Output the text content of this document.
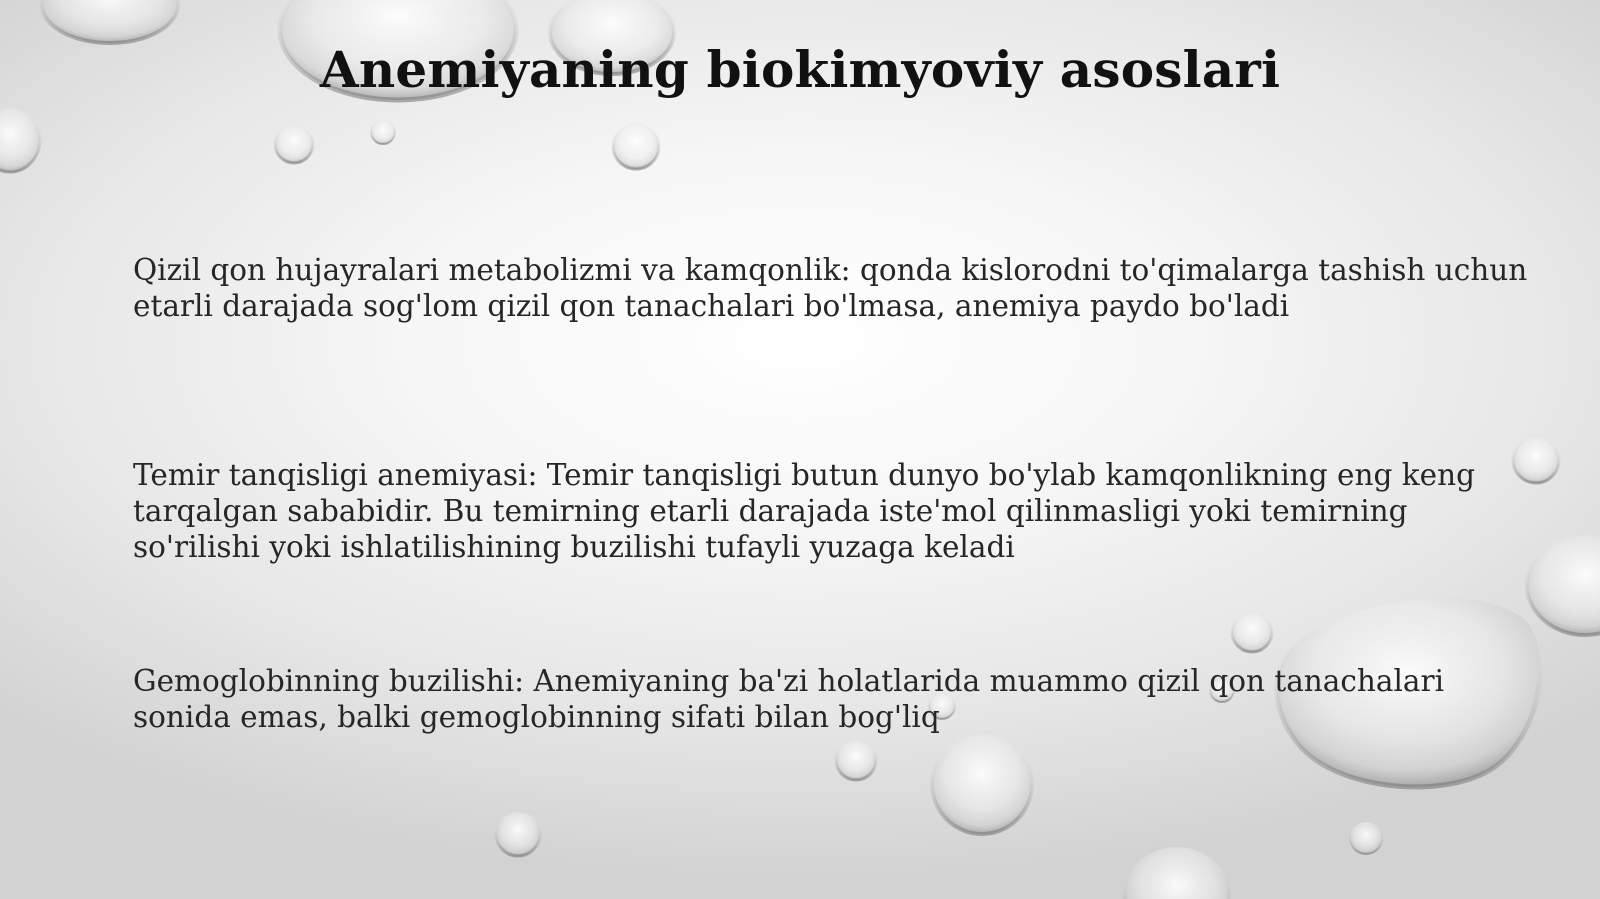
Anemiyaning biokimyoviy asoslari

Qizil qon hujayralari metabolizmi va kamqonlik: qonda kislorodni to'qimalarga tashish uchun etarli darajada sog'lom qizil qon tanachalari bo'lmasa, anemiya paydo bo'ladi

Temir tanqisligi anemiyasi: Temir tanqisligi butun dunyo bo'ylab kamqonlikning eng keng tarqalgan sababidir. Bu temirning etarli darajada iste'mol qilinmasligi yoki temirning so'rilishi yoki ishlatilishining buzilishi tufayli yuzaga keladi

Gemoglobinning buzilishi: Anemiyaning ba'zi holatlarida muammo qizil qon tanachalari sonida emas, balki gemoglobinning sifati bilan bog'liq
